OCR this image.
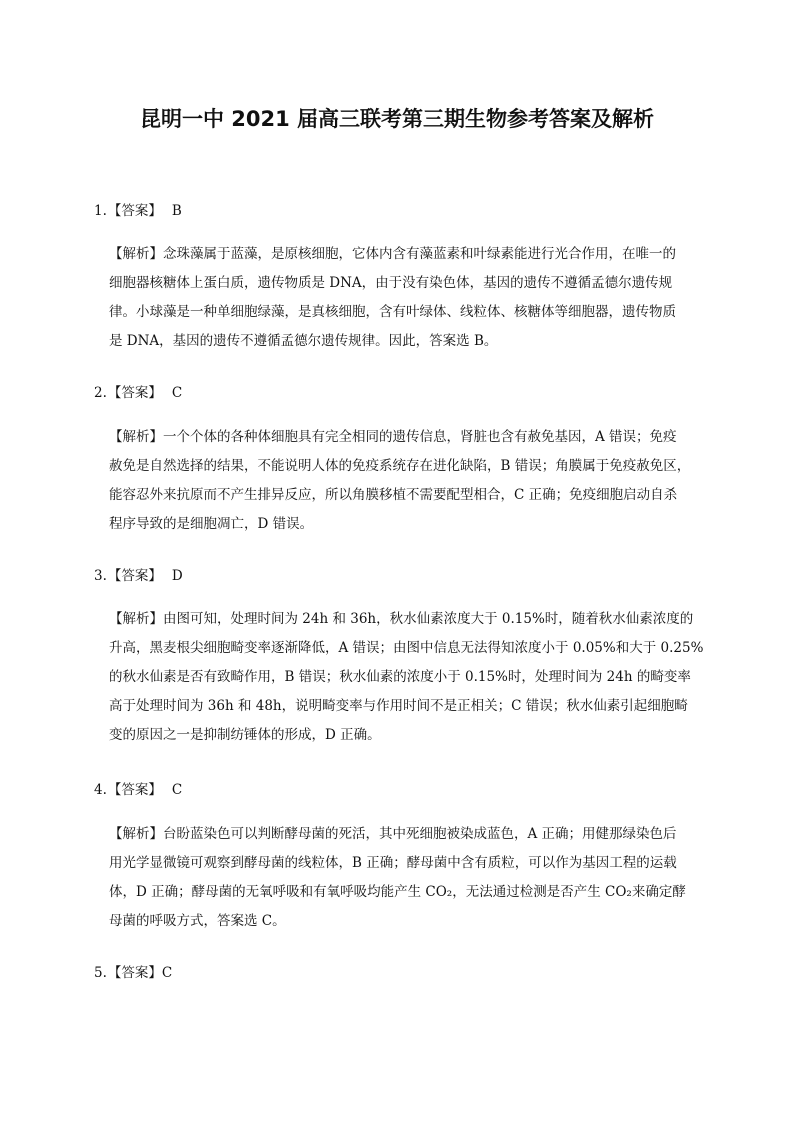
昆明一中 2021 届高三联考第三期生物参考答案及解析
1.【答案】 B
【解析】念珠藻属于蓝藻，是原核细胞，它体内含有藻蓝素和叶绿素能进行光合作用，在唯一的
细胞器核糖体上蛋白质，遗传物质是 DNA，由于没有染色体，基因的遗传不遵循孟德尔遗传规
律。小球藻是一种单细胞绿藻，是真核细胞，含有叶绿体、线粒体、核糖体等细胞器，遗传物质
是 DNA，基因的遗传不遵循孟德尔遗传规律。因此，答案选 B。
2.【答案】 C
【解析】一个个体的各种体细胞具有完全相同的遗传信息，肾脏也含有赦免基因，A 错误；免疫
赦免是自然选择的结果，不能说明人体的免疫系统存在进化缺陷，B 错误；角膜属于免疫赦免区，
能容忍外来抗原而不产生排异反应，所以角膜移植不需要配型相合，C 正确；免疫细胞启动自杀
程序导致的是细胞凋亡，D 错误。
3.【答案】 D
【解析】由图可知，处理时间为 24h 和 36h，秋水仙素浓度大于 0.15%时，随着秋水仙素浓度的
升高，黑麦根尖细胞畸变率逐渐降低，A 错误；由图中信息无法得知浓度小于 0.05%和大于 0.25%
的秋水仙素是否有致畸作用，B 错误；秋水仙素的浓度小于 0.15%时，处理时间为 24h 的畸变率
高于处理时间为 36h 和 48h，说明畸变率与作用时间不是正相关；C 错误；秋水仙素引起细胞畸
变的原因之一是抑制纺锤体的形成，D 正确。
4.【答案】 C
【解析】台盼蓝染色可以判断酵母菌的死活，其中死细胞被染成蓝色，A 正确；用健那绿染色后
用光学显微镜可观察到酵母菌的线粒体，B 正确；酵母菌中含有质粒，可以作为基因工程的运载
体，D 正确；酵母菌的无氧呼吸和有氧呼吸均能产生 CO₂，无法通过检测是否产生 CO₂来确定酵
母菌的呼吸方式，答案选 C。
5.【答案】C
